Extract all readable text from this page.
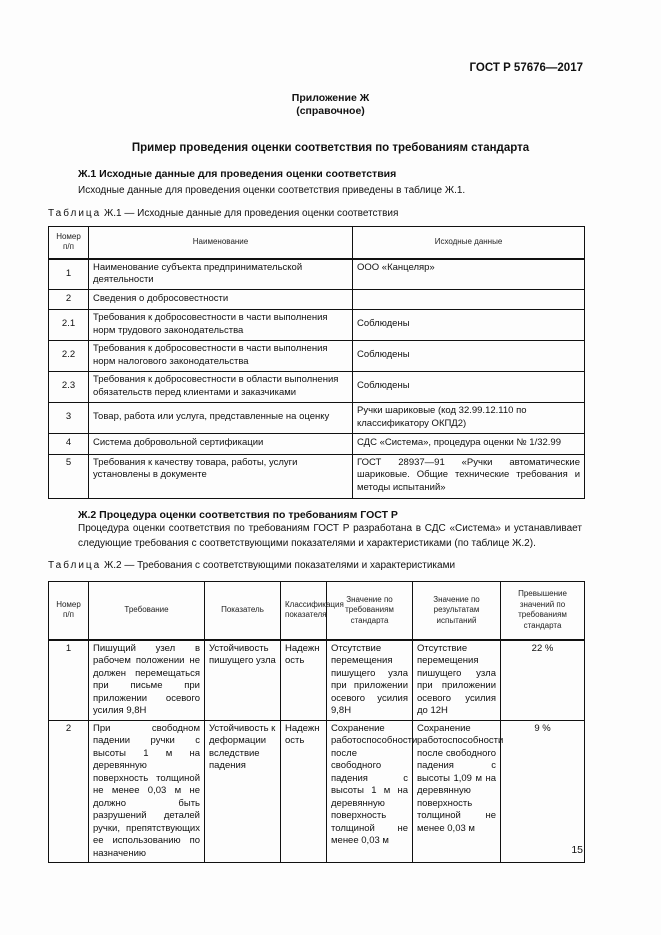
ГОСТ Р 57676—2017
Приложение Ж
(справочное)
Пример проведения оценки соответствия по требованиям стандарта
Ж.1 Исходные данные для проведения оценки соответствия
Исходные данные для проведения оценки соответствия приведены в таблице Ж.1.
Таблица Ж.1 — Исходные данные для проведения оценки соответствия
Номер п/п	Наименование	Исходные данные
1	Наименование субъекта предпринимательской деятельности	ООО «Канцеляр»
2	Сведения о добросовестности	
2.1	Требования к добросовестности в части выполнения норм трудового законодательства	Соблюдены
2.2	Требования к добросовестности в части выполнения норм налогового законодательства	Соблюдены
2.3	Требования к добросовестности в области выполнения обязательств перед клиентами и заказчиками	Соблюдены
3	Товар, работа или услуга, представленные на оценку	Ручки шариковые (код 32.99.12.110 по классификатору ОКПД2)
4	Система добровольной сертификации	СДС «Система», процедура оценки № 1/32.99
5	Требования к качеству товара, работы, услуги установлены в документе	ГОСТ 28937—91 «Ручки автоматические шариковые. Общие технические требования и методы испытаний»
Ж.2 Процедура оценки соответствия по требованиям ГОСТ Р
Процедура оценки соответствия по требованиям ГОСТ Р разработана в СДС «Система» и устанавливает следующие требования с соответствующими показателями и характеристиками (по таблице Ж.2).
Таблица Ж.2 — Требования с соответствующими показателями и характеристиками
Номер п/п	Требование	Показатель	Классификация показателя	Значение по требованиям стандарта	Значение по результатам испытаний	Превышение значений по требованиям стандарта
1	Пишущий узел в рабочем положении не должен перемещаться при письме при приложении осевого усилия 9,8Н	Устойчивость пишущего узла	Надежность	Отсутствие перемещения пишущего узла при приложении осевого усилия 9,8Н	Отсутствие перемещения пишущего узла при приложении осевого усилия до 12Н	22 %
2	При свободном падении ручки с высоты 1 м на деревянную поверхность толщиной не менее 0,03 м не должно быть разрушений деталей ручки, препятствующих ее использованию по назначению	Устойчивость к деформации вследствие падения	Надежность	Сохранение работоспособности после свободного падения с высоты 1 м на деревянную поверхность толщиной не менее 0,03 м	Сохранение работоспособности после свободного падения с высоты 1,09 м на деревянную поверхность толщиной не менее 0,03 м	9 %
15
